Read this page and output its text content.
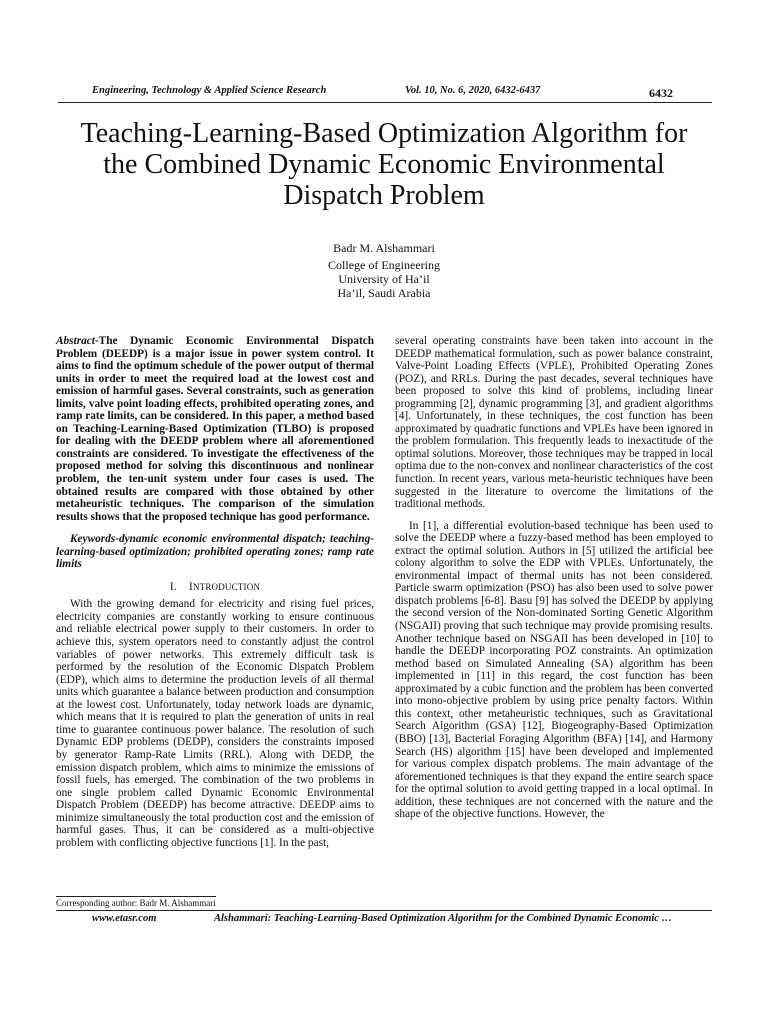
Engineering, Technology & Applied Science Research	Vol. 10, No. 6, 2020, 6432-6437	6432
Teaching-Learning-Based Optimization Algorithm for the Combined Dynamic Economic Environmental Dispatch Problem
Badr M. Alshammari
College of Engineering
University of Ha’il
Ha’il, Saudi Arabia

Abstract-The Dynamic Economic Environmental Dispatch Problem (DEEDP) is a major issue in power system control. It aims to find the optimum schedule of the power output of thermal units in order to meet the required load at the lowest cost and emission of harmful gases. Several constraints, such as generation limits, valve point loading effects, prohibited operating zones, and ramp rate limits, can be considered. In this paper, a method based on Teaching-Learning-Based Optimization (TLBO) is proposed for dealing with the DEEDP problem where all aforementioned constraints are considered. To investigate the effectiveness of the proposed method for solving this discontinuous and nonlinear problem, the ten-unit system under four cases is used. The obtained results are compared with those obtained by other metaheuristic techniques. The comparison of the simulation results shows that the proposed technique has good performance.

Keywords-dynamic economic environmental dispatch; teaching-learning-based optimization; prohibited operating zones; ramp rate limits

I. INTRODUCTION

With the growing demand for electricity and rising fuel prices, electricity companies are constantly working to ensure continuous and reliable electrical power supply to their customers. In order to achieve this, system operators need to constantly adjust the control variables of power networks. This extremely difficult task is performed by the resolution of the Economic Dispatch Problem (EDP), which aims to determine the production levels of all thermal units which guarantee a balance between production and consumption at the lowest cost. Unfortunately, today network loads are dynamic, which means that it is required to plan the generation of units in real time to guarantee continuous power balance. The resolution of such Dynamic EDP problems (DEDP), considers the constraints imposed by generator Ramp-Rate Limits (RRL). Along with DEDP, the emission dispatch problem, which aims to minimize the emissions of fossil fuels, has emerged. The combination of the two problems in one single problem called Dynamic Economic Environmental Dispatch Problem (DEEDP) has become attractive. DEEDP aims to minimize simultaneously the total production cost and the emission of harmful gases. Thus, it can be considered as a multi-objective problem with conflicting objective functions [1]. In the past,

several operating constraints have been taken into account in the DEEDP mathematical formulation, such as power balance constraint, Valve-Point Loading Effects (VPLE), Prohibited Operating Zones (POZ), and RRLs. During the past decades, several techniques have been proposed to solve this kind of problems, including linear programming [2], dynamic programming [3], and gradient algorithms [4]. Unfortunately, in these techniques, the cost function has been approximated by quadratic functions and VPLEs have been ignored in the problem formulation. This frequently leads to inexactitude of the optimal solutions. Moreover, those techniques may be trapped in local optima due to the non-convex and nonlinear characteristics of the cost function. In recent years, various meta-heuristic techniques have been suggested in the literature to overcome the limitations of the traditional methods.

In [1], a differential evolution-based technique has been used to solve the DEEDP where a fuzzy-based method has been employed to extract the optimal solution. Authors in [5] utilized the artificial bee colony algorithm to solve the EDP with VPLEs. Unfortunately, the environmental impact of thermal units has not been considered. Particle swarm optimization (PSO) has also been used to solve power dispatch problems [6-8]. Basu [9] has solved the DEEDP by applying the second version of the Non-dominated Sorting Genetic Algorithm (NSGAII) proving that such technique may provide promising results. Another technique based on NSGAII has been developed in [10] to handle the DEEDP incorporating POZ constraints. An optimization method based on Simulated Annealing (SA) algorithm has been implemented in [11] in this regard, the cost function has been approximated by a cubic function and the problem has been converted into mono-objective problem by using price penalty factors. Within this context, other metaheuristic techniques, such as Gravitational Search Algorithm (GSA) [12], Biogeography-Based Optimization (BBO) [13], Bacterial Foraging Algorithm (BFA) [14], and Harmony Search (HS) algorithm [15] have been developed and implemented for various complex dispatch problems. The main advantage of the aforementioned techniques is that they expand the entire search space for the optimal solution to avoid getting trapped in a local optimal. In addition, these techniques are not concerned with the nature and the shape of the objective functions. However, the

Corresponding author: Badr M. Alshammari
www.etasr.com	Alshammari: Teaching-Learning-Based Optimization Algorithm for the Combined Dynamic Economic …
